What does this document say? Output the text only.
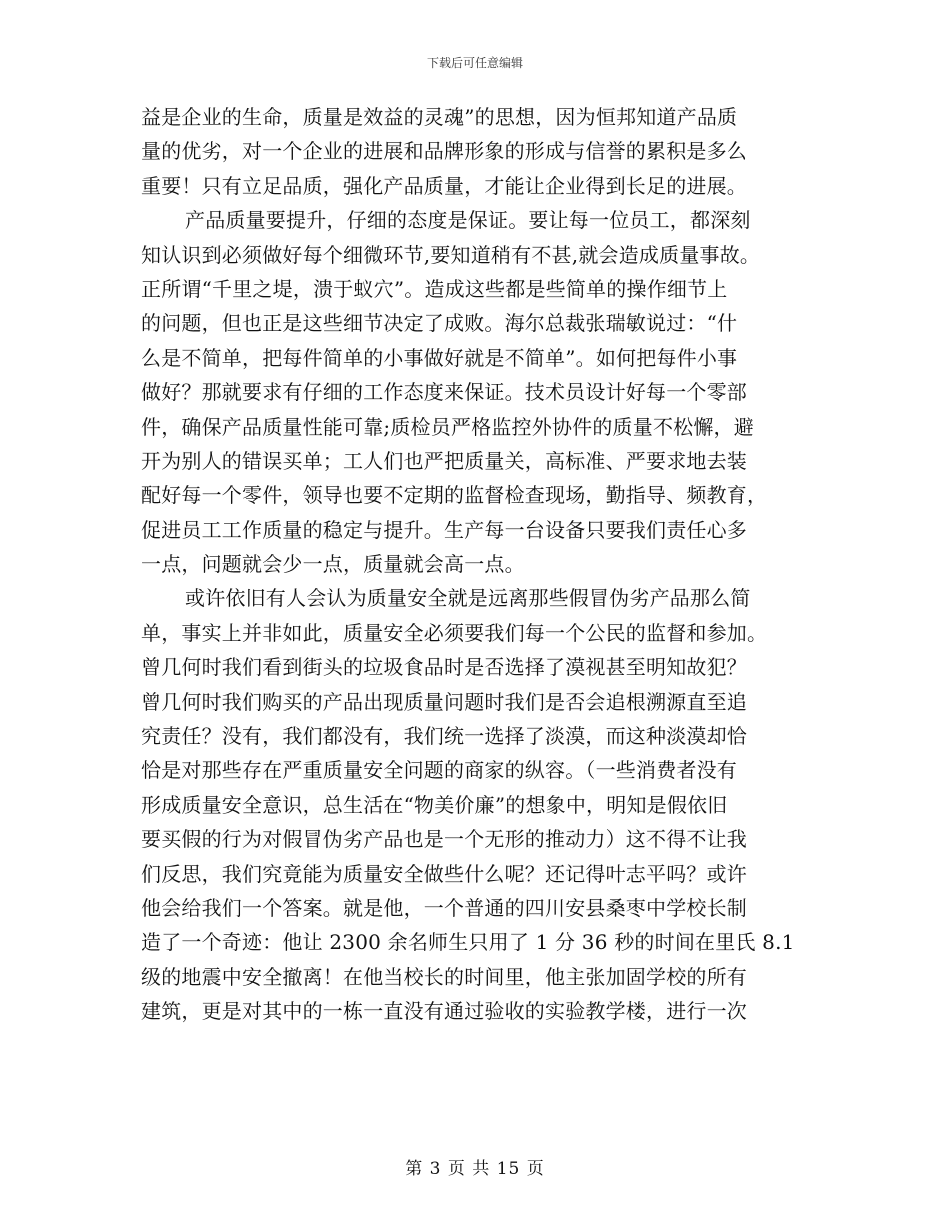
下载后可任意编辑
益是企业的生命，质量是效益的灵魂”的思想，因为恒邦知道产品质
量的优劣，对一个企业的进展和品牌形象的形成与信誉的累积是多么
重要！只有立足品质，强化产品质量，才能让企业得到长足的进展。
产品质量要提升，仔细的态度是保证。要让每一位员工，都深刻
知认识到必须做好每个细微环节,要知道稍有不甚,就会造成质量事故。
正所谓“千里之堤，溃于蚁穴”。造成这些都是些简单的操作细节上
的问题，但也正是这些细节决定了成败。海尔总裁张瑞敏说过：“什
么是不简单，把每件简单的小事做好就是不简单”。如何把每件小事
做好？那就要求有仔细的工作态度来保证。技术员设计好每一个零部
件，确保产品质量性能可靠;质检员严格监控外协件的质量不松懈，避
开为别人的错误买单；工人们也严把质量关，高标准、严要求地去装
配好每一个零件，领导也要不定期的监督检查现场，勤指导、频教育，
促进员工工作质量的稳定与提升。生产每一台设备只要我们责任心多
一点，问题就会少一点，质量就会高一点。
或许依旧有人会认为质量安全就是远离那些假冒伪劣产品那么简
单，事实上并非如此，质量安全必须要我们每一个公民的监督和参加。
曾几何时我们看到街头的垃圾食品时是否选择了漠视甚至明知故犯？
曾几何时我们购买的产品出现质量问题时我们是否会追根溯源直至追
究责任？没有，我们都没有，我们统一选择了淡漠，而这种淡漠却恰
恰是对那些存在严重质量安全问题的商家的纵容。（一些消费者没有
形成质量安全意识，总生活在“物美价廉”的想象中，明知是假依旧
要买假的行为对假冒伪劣产品也是一个无形的推动力）这不得不让我
们反思，我们究竟能为质量安全做些什么呢？还记得叶志平吗？或许
他会给我们一个答案。就是他，一个普通的四川安县桑枣中学校长制
造了一个奇迹：他让 2300 余名师生只用了 1 分 36 秒的时间在里氏 8.1
级的地震中安全撤离！在他当校长的时间里，他主张加固学校的所有
建筑，更是对其中的一栋一直没有通过验收的实验教学楼，进行一次
第 3 页 共 15 页
